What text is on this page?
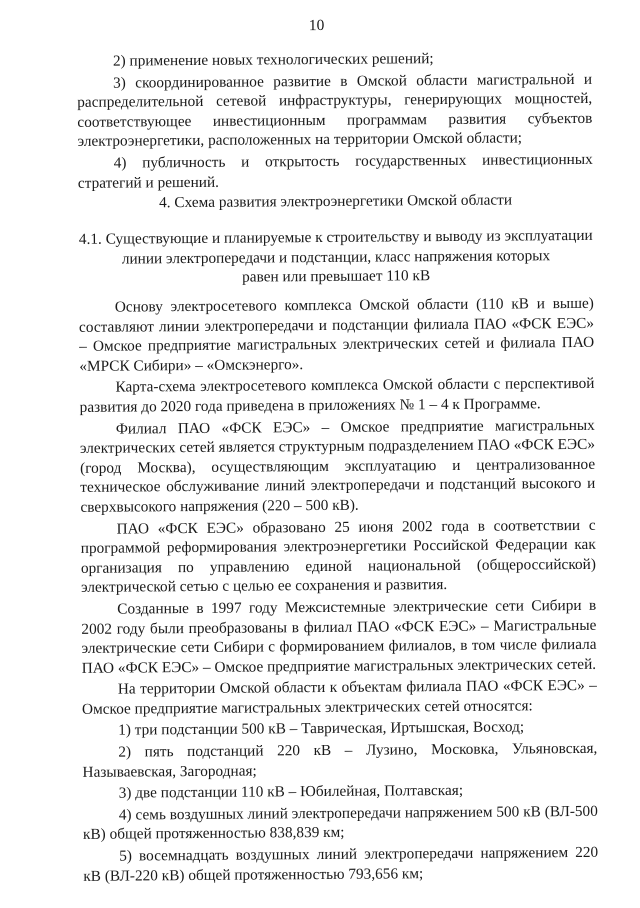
10

2) применение новых технологических решений;

3) скоординированное развитие в Омской области магистральной и распределительной сетевой инфраструктуры, генерирующих мощностей, соответствующее инвестиционным программам развития субъектов электроэнергетики, расположенных на территории Омской области;

4) публичность и открытость государственных инвестиционных стратегий и решений.

4. Схема развития электроэнергетики Омской области
4.1. Существующие и планируемые к строительству и выводу из эксплуатации
линии электропередачи и подстанции, класс напряжения которых
равен или превышает 110 кВ

Основу электросетевого комплекса Омской области (110 кВ и выше) составляют линии электропередачи и подстанции филиала ПАО «ФСК ЕЭС» – Омское предприятие магистральных электрических сетей и филиала ПАО «МРСК Сибири» – «Омскэнерго».

Карта-схема электросетевого комплекса Омской области с перспективой развития до 2020 года приведена в приложениях № 1 – 4 к Программе.

Филиал ПАО «ФСК ЕЭС» – Омское предприятие магистральных электрических сетей является структурным подразделением ПАО «ФСК ЕЭС» (город Москва), осуществляющим эксплуатацию и централизованное техническое обслуживание линий электропередачи и подстанций высокого и сверхвысокого напряжения (220 – 500 кВ).

ПАО «ФСК ЕЭС» образовано 25 июня 2002 года в соответствии с программой реформирования электроэнергетики Российской Федерации как организация по управлению единой национальной (общероссийской) электрической сетью с целью ее сохранения и развития.

Созданные в 1997 году Межсистемные электрические сети Сибири в 2002 году были преобразованы в филиал ПАО «ФСК ЕЭС» – Магистральные электрические сети Сибири с формированием филиалов, в том числе филиала ПАО «ФСК ЕЭС» – Омское предприятие магистральных электрических сетей.

На территории Омской области к объектам филиала ПАО «ФСК ЕЭС» – Омское предприятие магистральных электрических сетей относятся:

1) три подстанции 500 кВ – Таврическая, Иртышская, Восход;

2) пять подстанций 220 кВ – Лузино, Московка, Ульяновская, Называевская, Загородная;

3) две подстанции 110 кВ – Юбилейная, Полтавская;

4) семь воздушных линий электропередачи напряжением 500 кВ (ВЛ-500 кВ) общей протяженностью 838,839 км;

5) восемнадцать воздушных линий электропередачи напряжением 220 кВ (ВЛ-220 кВ) общей протяженностью 793,656 км;
